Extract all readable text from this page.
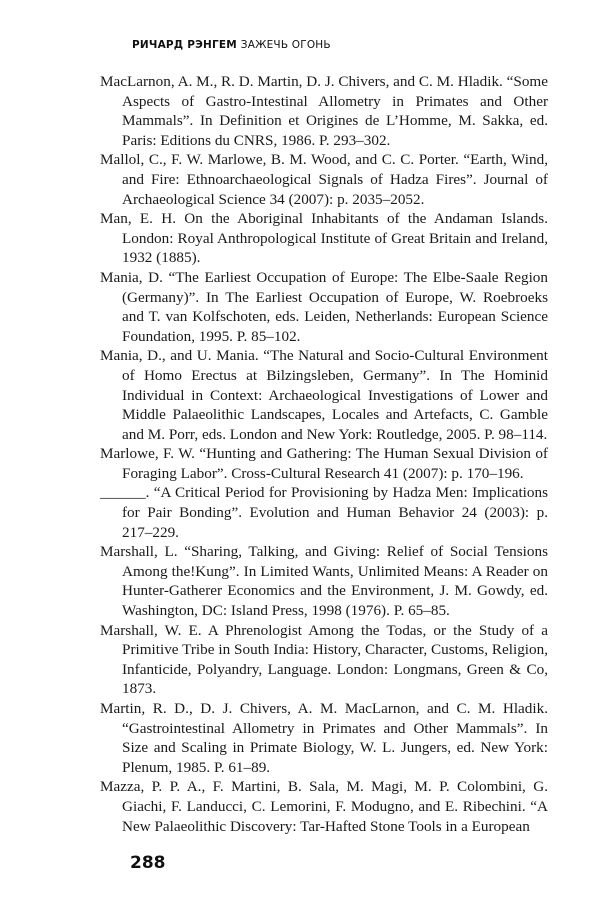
РИЧАРД РЭНГЕМ ЗАЖЕЧЬ ОГОНЬ

MacLarnon, A. M., R. D. Martin, D. J. Chivers, and C. M. Hladik. “Some Aspects of Gastro-Intestinal Allometry in Primates and Other Mammals”. In Definition et Origines de L’Homme, M. Sakka, ed. Paris: Editions du CNRS, 1986. P. 293–302.

Mallol, C., F. W. Marlowe, B. M. Wood, and C. C. Porter. “Earth, Wind, and Fire: Ethnoarchaeological Signals of Hadza Fires”. Journal of Archaeological Science 34 (2007): p. 2035–2052.

Man, E. H. On the Aboriginal Inhabitants of the Andaman Islands. London: Royal Anthropological Institute of Great Britain and Ireland, 1932 (1885).

Mania, D. “The Earliest Occupation of Europe: The Elbe-Saale Region (Germany)”. In The Earliest Occupation of Europe, W. Roebroeks and T. van Kolfschoten, eds. Leiden, Netherlands: European Science Foundation, 1995. P. 85–102.

Mania, D., and U. Mania. “The Natural and Socio-Cultural Environment of Homo Erectus at Bilzingsleben, Germany”. In The Hominid Individual in Context: Archaeological Investigations of Lower and Middle Palaeolithic Landscapes, Locales and Artefacts, C. Gamble and M. Porr, eds. London and New York: Routledge, 2005. P. 98–114.

Marlowe, F. W. “Hunting and Gathering: The Human Sexual Division of Foraging Labor”. Cross-Cultural Research 41 (2007): p. 170–196.

______. “A Critical Period for Provisioning by Hadza Men: Implications for Pair Bonding”. Evolution and Human Behavior 24 (2003): p. 217–229.

Marshall, L. “Sharing, Talking, and Giving: Relief of Social Tensions Among the!Kung”. In Limited Wants, Unlimited Means: A Reader on Hunter-Gatherer Economics and the Environment, J. M. Gowdy, ed. Washington, DC: Island Press, 1998 (1976). P. 65–85.

Marshall, W. E. A Phrenologist Among the Todas, or the Study of a Primitive Tribe in South India: History, Character, Customs, Religion, Infanticide, Polyandry, Language. London: Longmans, Green & Co, 1873.

Martin, R. D., D. J. Chivers, A. M. MacLarnon, and C. M. Hladik. “Gastrointestinal Allometry in Primates and Other Mammals”. In Size and Scaling in Primate Biology, W. L. Jungers, ed. New York: Plenum, 1985. P. 61–89.

Mazza, P. P. A., F. Martini, B. Sala, M. Magi, M. P. Colombini, G. Giachi, F. Landucci, C. Lemorini, F. Modugno, and E. Ribechini. “A New Palaeolithic Discovery: Tar-Hafted Stone Tools in a European

288
